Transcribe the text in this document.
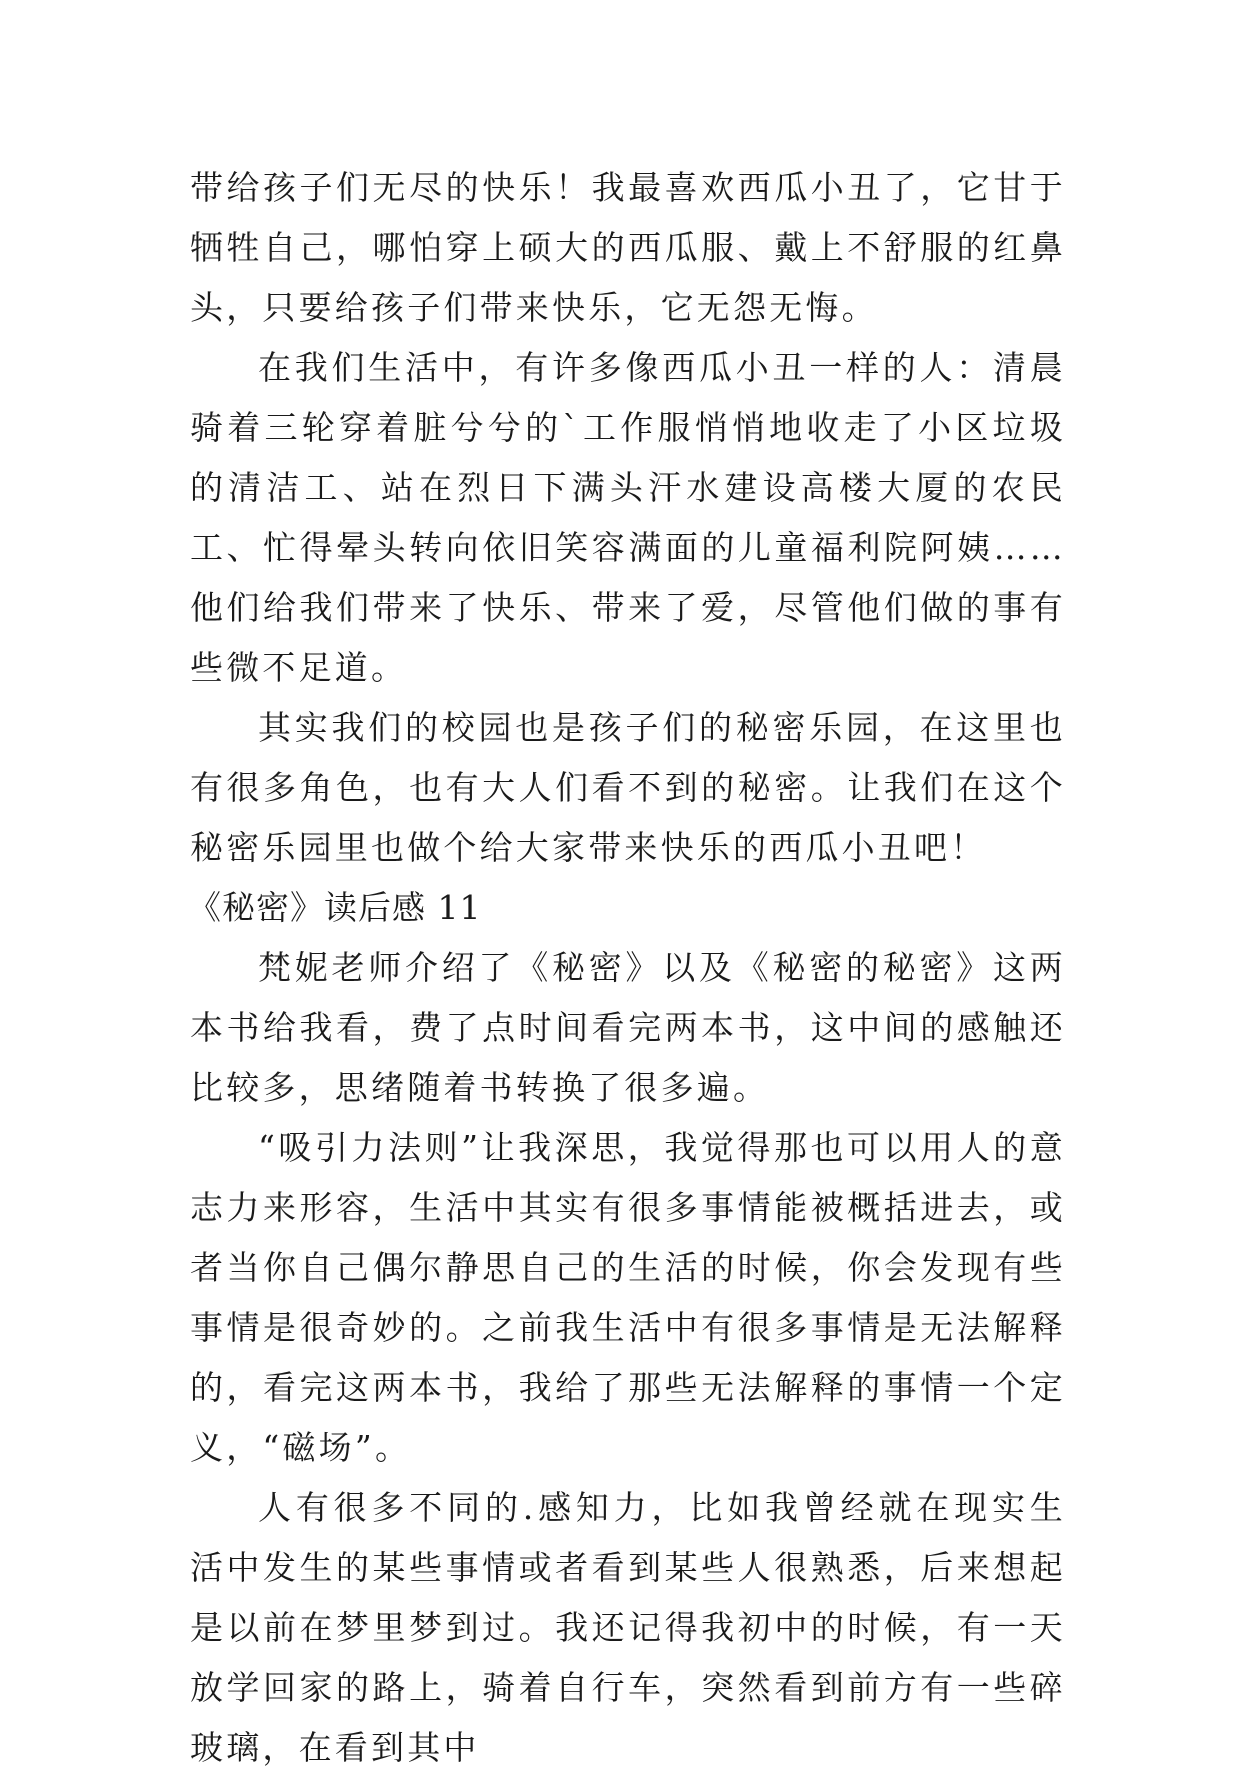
带给孩子们无尽的快乐！我最喜欢西瓜小丑了，它甘于牺牲自己，哪怕穿上硕大的西瓜服、戴上不舒服的红鼻头，只要给孩子们带来快乐，它无怨无悔。

在我们生活中，有许多像西瓜小丑一样的人：清晨骑着三轮穿着脏兮兮的`工作服悄悄地收走了小区垃圾的清洁工、站在烈日下满头汗水建设高楼大厦的农民工、忙得晕头转向依旧笑容满面的儿童福利院阿姨……他们给我们带来了快乐、带来了爱，尽管他们做的事有些微不足道。

其实我们的校园也是孩子们的秘密乐园，在这里也有很多角色，也有大人们看不到的秘密。让我们在这个秘密乐园里也做个给大家带来快乐的西瓜小丑吧！

《秘密》读后感 11

梵妮老师介绍了《秘密》以及《秘密的秘密》这两本书给我看，费了点时间看完两本书，这中间的感触还比较多，思绪随着书转换了很多遍。

“吸引力法则”让我深思，我觉得那也可以用人的意志力来形容，生活中其实有很多事情能被概括进去，或者当你自己偶尔静思自己的生活的时候，你会发现有些事情是很奇妙的。之前我生活中有很多事情是无法解释的，看完这两本书，我给了那些无法解释的事情一个定义，“磁场”。

人有很多不同的.感知力，比如我曾经就在现实生活中发生的某些事情或者看到某些人很熟悉，后来想起是以前在梦里梦到过。我还记得我初中的时候，有一天放学回家的路上，骑着自行车，突然看到前方有一些碎玻璃，在看到其中
